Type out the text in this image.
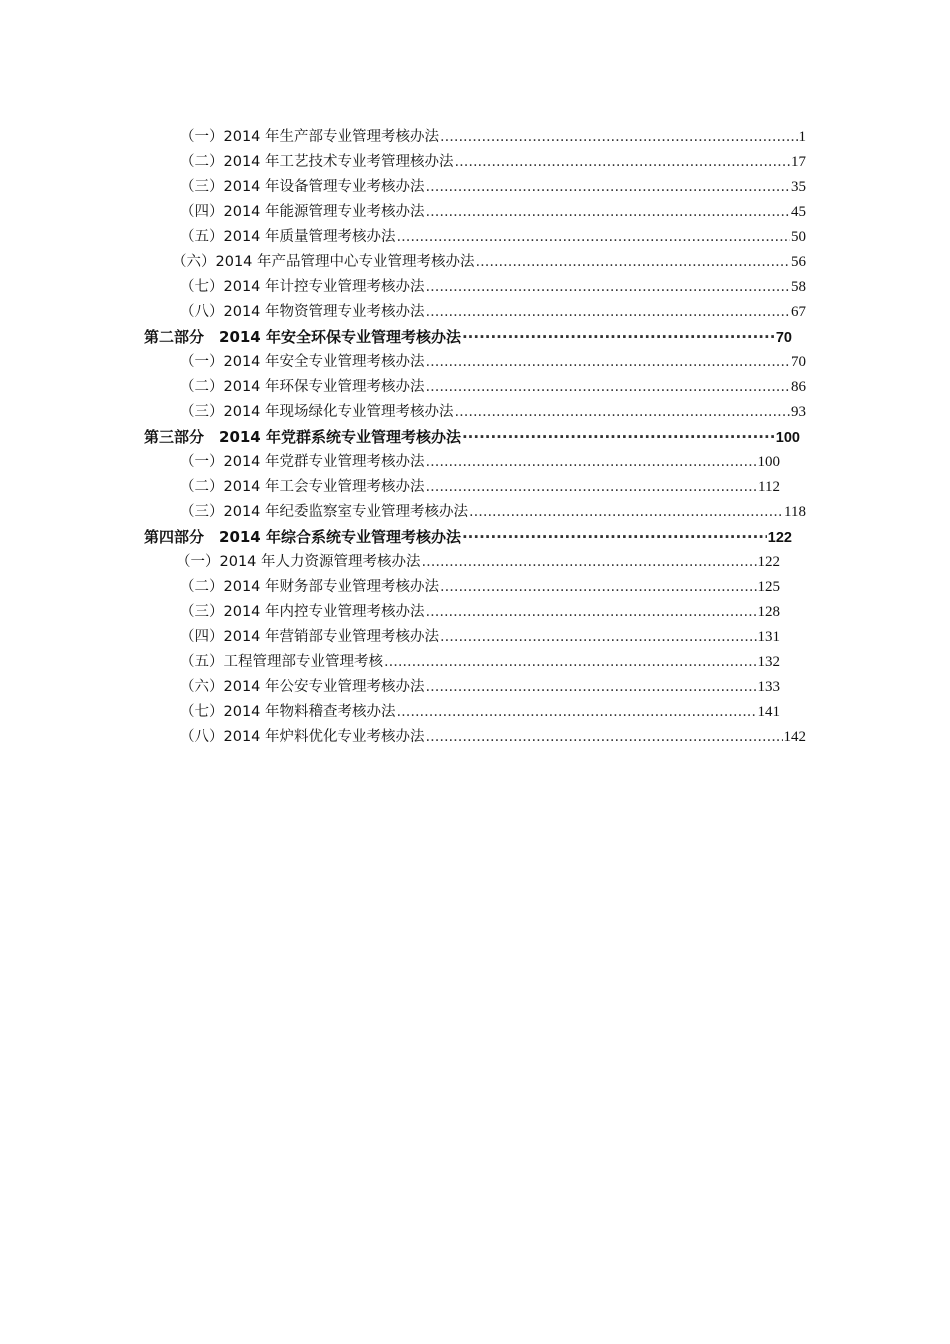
（一）2014 年生产部专业管理考核办法 .....	1
（二）2014 年工艺技术专业考管理核办法 .....	17
（三）2014 年设备管理专业考核办法 .....	35
（四）2014 年能源管理专业考核办法 .....	45
（五）2014 年质量管理考核办法 .....	50
（六）2014 年产品管理中心专业管理考核办法 .....	56
（七）2014 年计控专业管理考核办法 .....	58
（八）2014 年物资管理专业考核办法 .....	67
第二部分　2014 年安全环保专业管理考核办法 ·····	70
（一）2014 年安全专业管理考核办法 .....	70
（二）2014 年环保专业管理考核办法 .....	86
（三）2014 年现场绿化专业管理考核办法 .....	93
第三部分　2014 年党群系统专业管理考核办法 ·····	100
（一）2014 年党群专业管理考核办法 .....	100
（二）2014 年工会专业管理考核办法 .....	112
（三）2014 年纪委监察室专业管理考核办法 .....	118
第四部分　2014 年综合系统专业管理考核办法 ·····	122
（一）2014 年人力资源管理考核办法 .....	122
（二）2014 年财务部专业管理考核办法 .....	125
（三）2014 年内控专业管理考核办法 .....	128
（四）2014 年营销部专业管理考核办法 .....	131
（五）工程管理部专业管理考核 .....	132
（六）2014 年公安专业管理考核办法 .....	133
（七）2014 年物料稽查考核办法 .....	141
（八）2014 年炉料优化专业考核办法 .....	142
